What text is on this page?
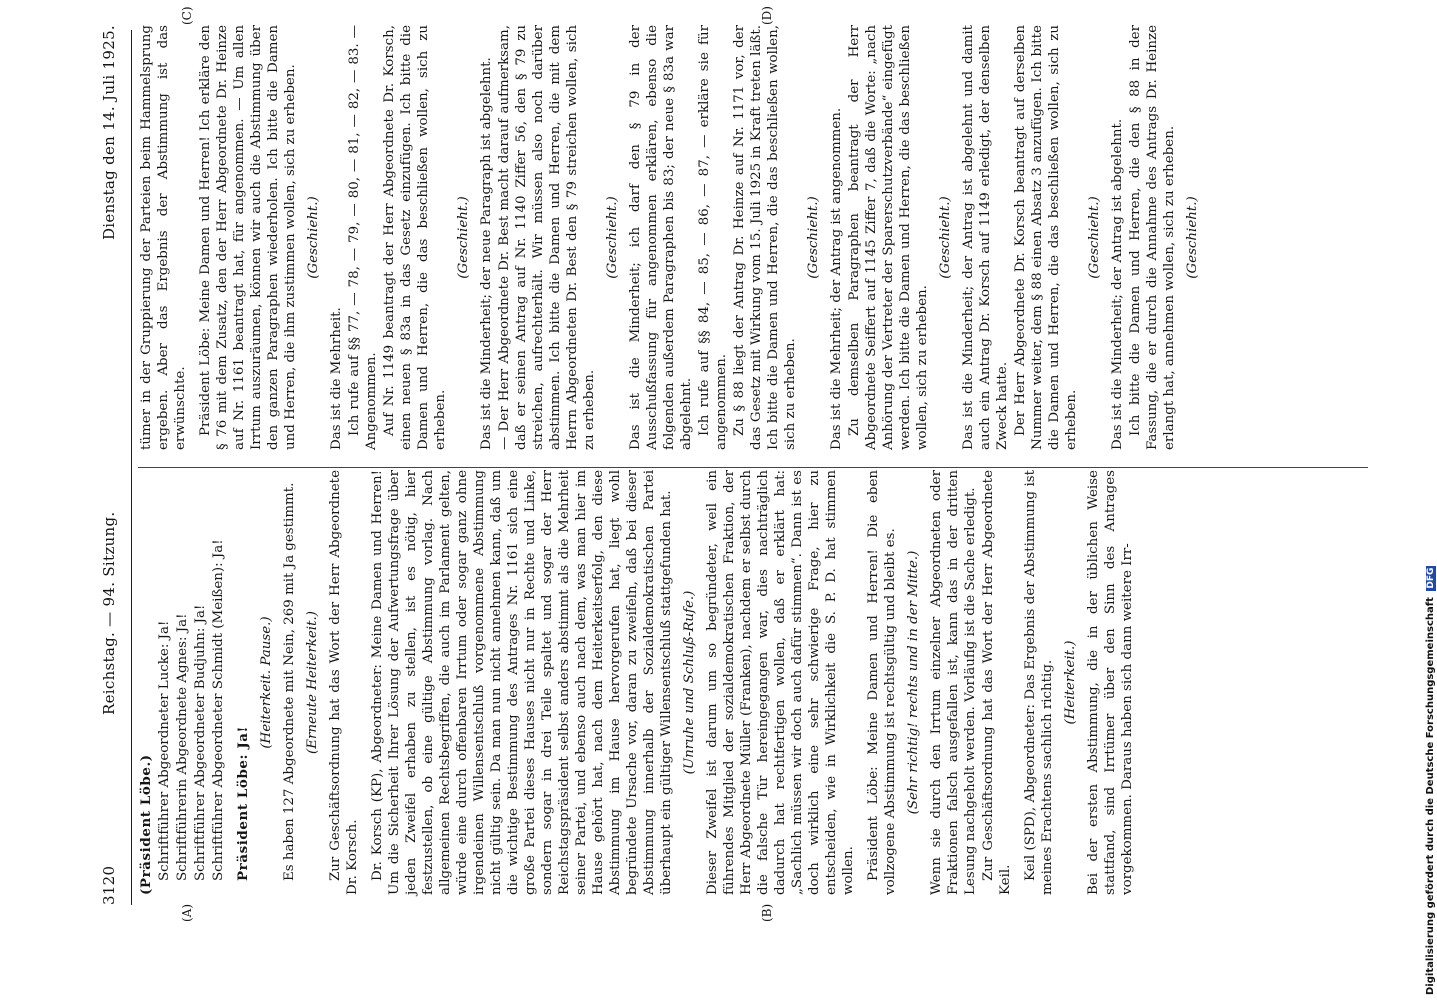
3120
Reichstag. — 94. Sitzung.
Dienstag den 14. Juli 1925.
(A)	(B)
(C)	(D)

(Präsident Löbe.) Schriftführer Abgeordneter Lucke: Ja! Schriftführerin Abgeordnete Agnes: Ja! Schriftführer Abgeordneter Budjuhn: Ja! Schriftführer Abgeordneter Schmidt (Meißen): Ja! Präsident Löbe: Ja!

(Heiterkeit. Pause.) Es haben 127 Abgeordnete mit Nein, 269 mit Ja gestimmt. (Erneute Heiterkeit.) Zur Geschäftsordnung hat das Wort der Herr Abgeordnete Dr. Korsch. Dr. Korsch (KP), Abgeordneter: Meine Damen und Herren! Um die Sicherheit Ihrer Lösung der Aufwertungsfrage über jeden Zweifel erhaben zu stellen, ist es nötig, hier festzustellen, ob eine gültige Abstimmung vorlag. Nach allgemeinen Rechtsbegriffen, die auch im Parlament gelten, würde eine durch offenbaren Irrtum oder sogar ganz ohne irgendeinen Willensentschluß vorgenommene Abstimmung nicht gültig sein. Da man nun nicht annehmen kann, daß um die wichtige Bestimmung des Antrages Nr. 1161 sich eine große Partei dieses Hauses nicht nur in Rechte und Linke, sondern sogar in drei Teile spaltet und sogar der Herr Reichstagspräsident selbst anders abstimmt als die Mehrheit seiner Partei, und ebenso auch nach dem, was man hier im Hause gehört hat, nach dem Heiterkeitserfolg, den diese Abstimmung im Hause hervorgerufen hat, liegt wohl begründete Ursache vor, daran zu zweifeln, daß bei dieser Abstimmung innerhalb der Sozialdemokratischen Partei überhaupt ein gültiger Willensentschluß stattgefunden hat. (Unruhe und Schluß-Rufe.) Dieser Zweifel ist darum um so begründeter, weil ein führendes Mitglied der sozialdemokratischen Fraktion, der Herr Abgeordnete Müller (Franken), nachdem er selbst durch die falsche Tür hereingegangen war, dies nachträglich dadurch hat rechtfertigen wollen, daß er erklärt hat: „Sachlich müssen wir doch auch dafür stimmen“. Dann ist es doch wirklich eine sehr schwierige Frage, hier zu entscheiden, wie in Wirklichkeit die S. P. D. hat stimmen wollen. Präsident Löbe: Meine Damen und Herren! Die eben vollzogene Abstimmung ist rechtsgültig und bleibt es. (Sehr richtig! rechts und in der Mitte.) Wenn sie durch den Irrtum einzelner Abgeordneten oder Fraktionen falsch ausgefallen ist, kann das in der dritten Lesung nachgeholt werden. Vorläufig ist die Sache erledigt. Zur Geschäftsordnung hat das Wort der Herr Abgeordnete Keil. Keil (SPD), Abgeordneter: Das Ergebnis der Abstimmung ist meines Erachtens sachlich richtig. (Heiterkeit.) Bei der ersten Abstimmung, die in der üblichen Weise stattfand, sind Irrtümer über den Sinn des Antrages vorgekommen. Daraus haben sich dann weitere Irr-

tümer in der Gruppierung der Parteien beim Hammelsprung ergeben. Aber das Ergebnis der Abstimmung ist das erwünschte. Präsident Löbe: Meine Damen und Herren! Ich erkläre den § 76 mit dem Zusatz, den der Herr Abgeordnete Dr. Heinze auf Nr. 1161 beantragt hat, für angenommen. — Um allen Irrtum auszuräumen, können wir auch die Abstimmung über den ganzen Paragraphen wiederholen. Ich bitte die Damen und Herren, die ihm zustimmen wollen, sich zu erheben. (Geschieht.)

Das ist die Mehrheit. Ich rufe auf §§ 77, — 78, — 79, — 80, — 81, — 82, — 83. — Angenommen. Auf Nr. 1149 beantragt der Herr Abgeordnete Dr. Korsch, einen neuen § 83a in das Gesetz einzufügen. Ich bitte die Damen und Herren, die das beschließen wollen, sich zu erheben.

(Geschieht.) Das ist die Minderheit; der neue Paragraph ist abgelehnt. — Der Herr Abgeordnete Dr. Best macht darauf aufmerksam, daß er seinen Antrag auf Nr. 1140 Ziffer 56, den § 79 zu streichen, aufrechterhält. Wir müssen also noch darüber abstimmen. Ich bitte die Damen und Herren, die mit dem Herrn Abgeordneten Dr. Best den § 79 streichen wollen, sich zu erheben.

(Geschieht.) Das ist die Minderheit; ich darf den § 79 in der Ausschußfassung für angenommen erklären, ebenso die folgenden außerdem Paragraphen bis 83; der neue § 83a war abgelehnt. Ich rufe auf §§ 84, — 85, — 86, — 87, — erkläre sie für angenommen. Zu § 88 liegt der Antrag Dr. Heinze auf Nr. 1171 vor, der das Gesetz mit Wirkung vom 15. Juli 1925 in Kraft treten läßt. Ich bitte die Damen und Herren, die das beschließen wollen, sich zu erheben.

(Geschieht.) Das ist die Mehrheit; der Antrag ist angenommen. Zu demselben Paragraphen beantragt der Herr Abgeordnete Seiffert auf 1145 Ziffer 7, daß die Worte: „nach Anhörung der Vertreter der Sparerschutzverbände“ eingefügt werden. Ich bitte die Damen und Herren, die das beschließen wollen, sich zu erheben.

(Geschieht.) Das ist die Minderheit; der Antrag ist abgelehnt und damit auch ein Antrag Dr. Korsch auf 1149 erledigt, der denselben Zweck hatte. Der Herr Abgeordnete Dr. Korsch beantragt auf derselben Nummer weiter, dem § 88 einen Absatz 3 anzufügen. Ich bitte die Damen und Herren, die das beschließen wollen, sich zu erheben.

(Geschieht.) Das ist die Minderheit; der Antrag ist abgelehnt. Ich bitte die Damen und Herren, die den § 88 in der Fassung, die er durch die Annahme des Antrags Dr. Heinze erlangt hat, annehmen wollen, sich zu erheben. (Geschieht.)

Digitalisierung gefördert durch die Deutsche Forschungsgemeinschaft DFG
